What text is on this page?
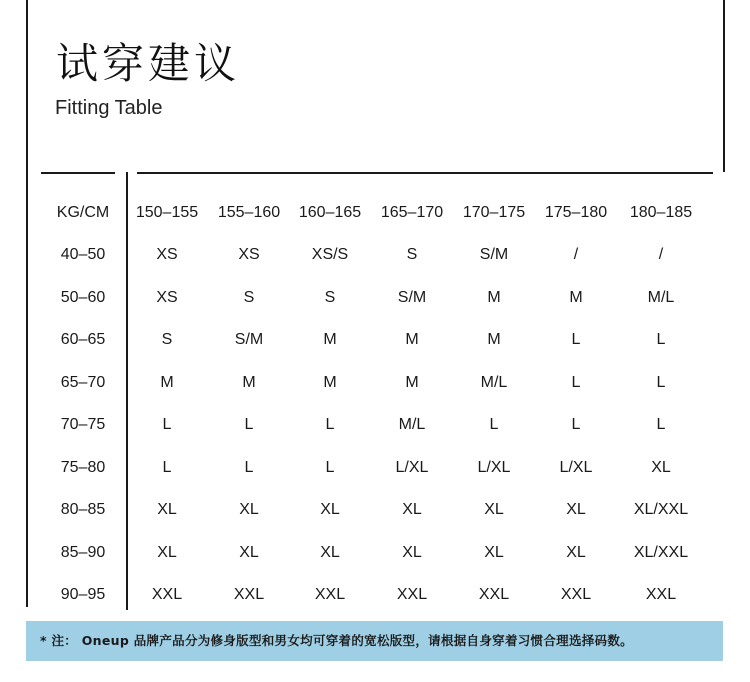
试穿建议
Fitting Table
KG/CM	150–155	155–160	160–165	165–170	170–175	175–180	180–185
40–50	XS	XS	XS/S	S	S/M	/	/
50–60	XS	S	S	S/M	M	M	M/L
60–65	S	S/M	M	M	M	L	L
65–70	M	M	M	M	M/L	L	L
70–75	L	L	L	M/L	L	L	L
75–80	L	L	L	L/XL	L/XL	L/XL	XL
80–85	XL	XL	XL	XL	XL	XL	XL/XXL
85–90	XL	XL	XL	XL	XL	XL	XL/XXL
90–95	XXL	XXL	XXL	XXL	XXL	XXL	XXL
* 注： Oneup 品牌产品分为修身版型和男女均可穿着的宽松版型，请根据自身穿着习惯合理选择码数。
